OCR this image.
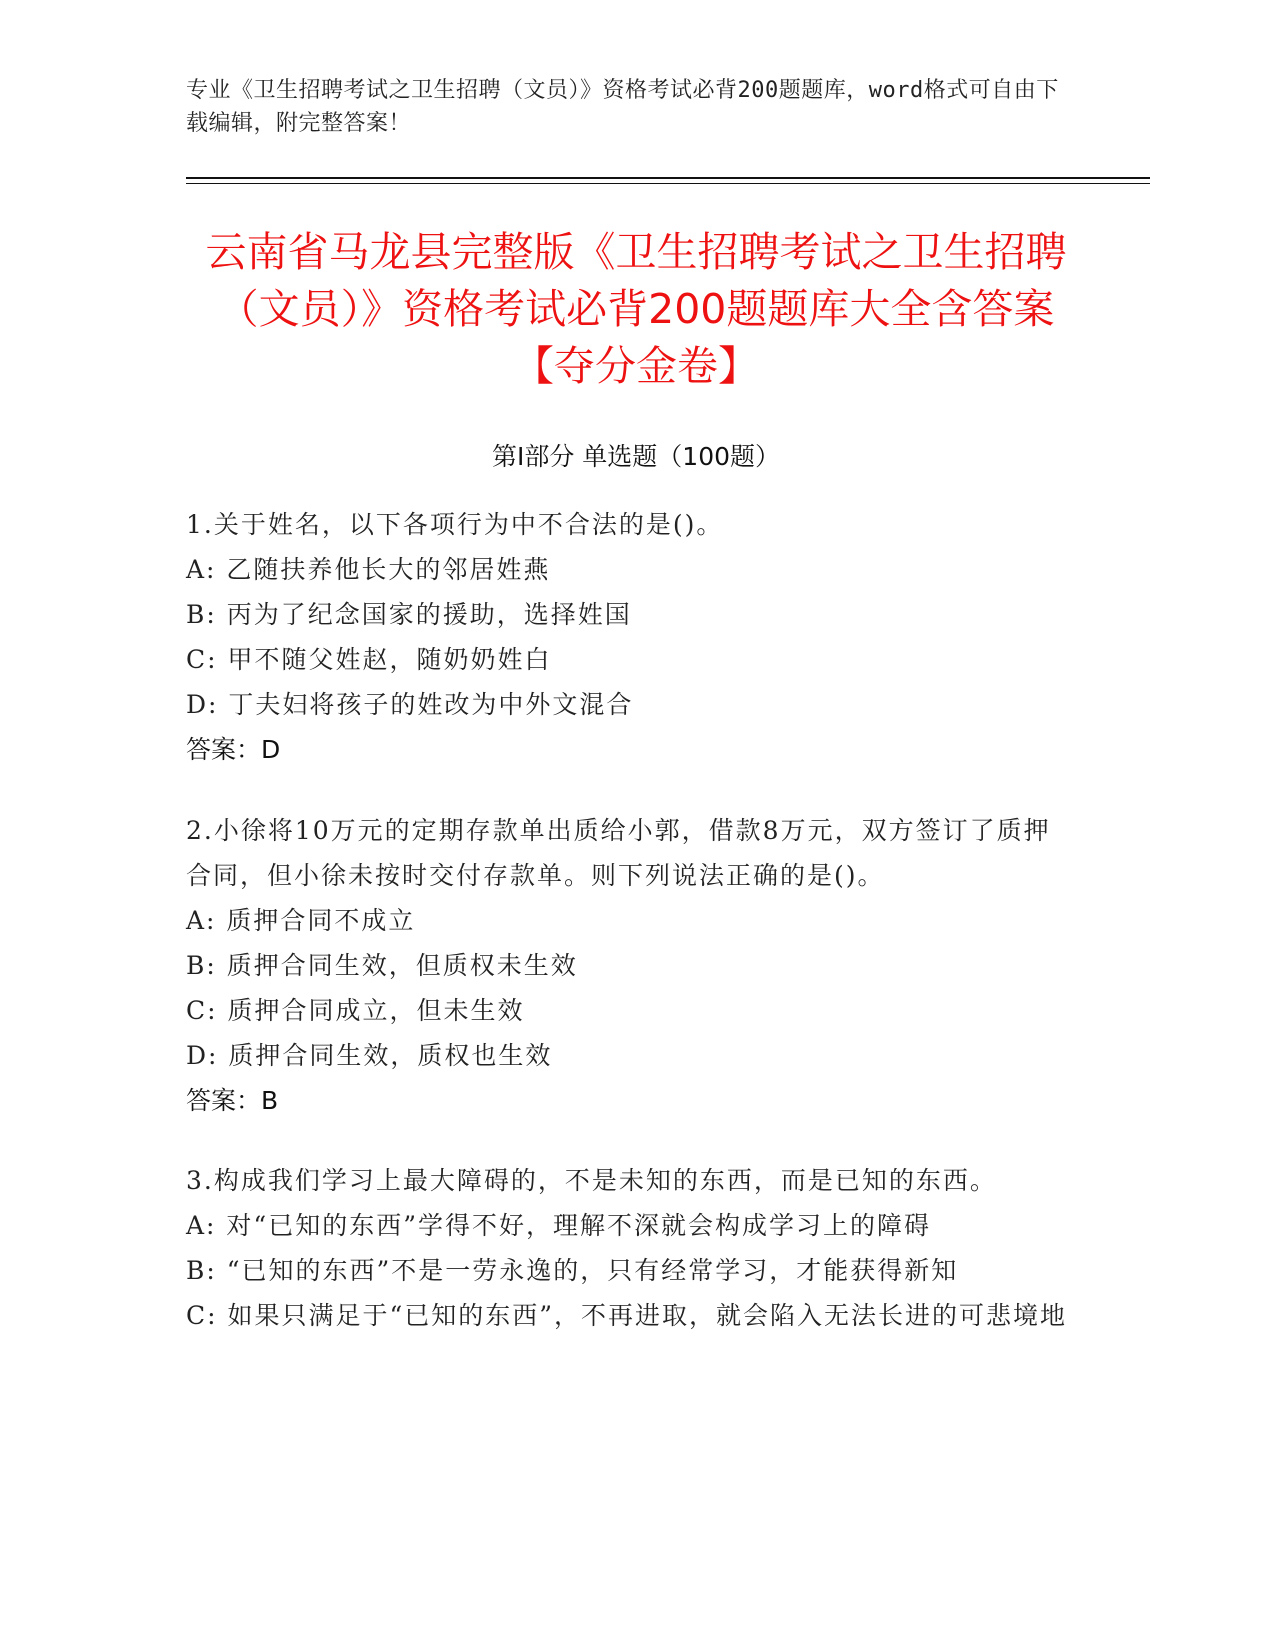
专业《卫生招聘考试之卫生招聘（文员）》资格考试必背200题题库，word格式可自由下载编辑，附完整答案！
云南省马龙县完整版《卫生招聘考试之卫生招聘（文员）》资格考试必背200题题库大全含答案【夺分金卷】
第Ⅰ部分 单选题（100题）
1.关于姓名，以下各项行为中不合法的是()。
A: 乙随扶养他长大的邻居姓燕
B: 丙为了纪念国家的援助，选择姓国
C: 甲不随父姓赵，随奶奶姓白
D: 丁夫妇将孩子的姓改为中外文混合
答案：D
2.小徐将10万元的定期存款单出质给小郭，借款8万元，双方签订了质押合同，但小徐未按时交付存款单。则下列说法正确的是()。
A: 质押合同不成立
B: 质押合同生效，但质权未生效
C: 质押合同成立，但未生效
D: 质押合同生效，质权也生效
答案：B
3.构成我们学习上最大障碍的，不是未知的东西，而是已知的东西。
A: 对“已知的东西”学得不好，理解不深就会构成学习上的障碍
B: “已知的东西”不是一劳永逸的，只有经常学习，才能获得新知
C: 如果只满足于“已知的东西”，不再进取，就会陷入无法长进的可悲境地
